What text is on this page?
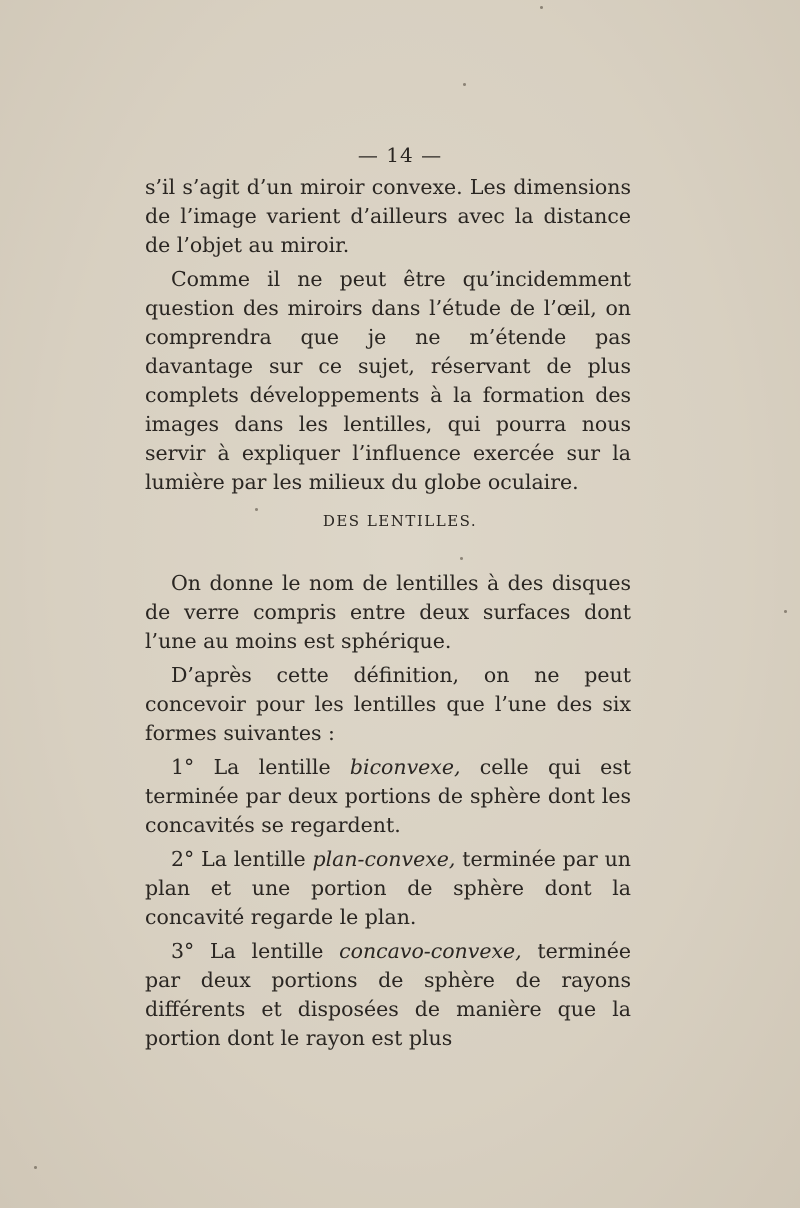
— 14 —

s’il s’agit d’un miroir convexe. Les dimensions de l’image varient d’ailleurs avec la distance de l’objet au miroir.

Comme il ne peut être qu’incidemment question des miroirs dans l’étude de l’œil, on comprendra que je ne m’étende pas davantage sur ce sujet, réservant de plus complets développements à la formation des images dans les lentilles, qui pourra nous servir à expliquer l’influence exercée sur la lumière par les milieux du globe oculaire.

DES LENTILLES.

On donne le nom de lentilles à des disques de verre compris entre deux surfaces dont l’une au moins est sphérique.

D’après cette définition, on ne peut concevoir pour les lentilles que l’une des six formes suivantes :

1° La lentille biconvexe, celle qui est terminée par deux portions de sphère dont les concavités se regardent.

2° La lentille plan-convexe, terminée par un plan et une portion de sphère dont la concavité regarde le plan.

3° La lentille concavo-convexe, terminée par deux portions de sphère de rayons différents et disposées de manière que la portion dont le rayon est plus
